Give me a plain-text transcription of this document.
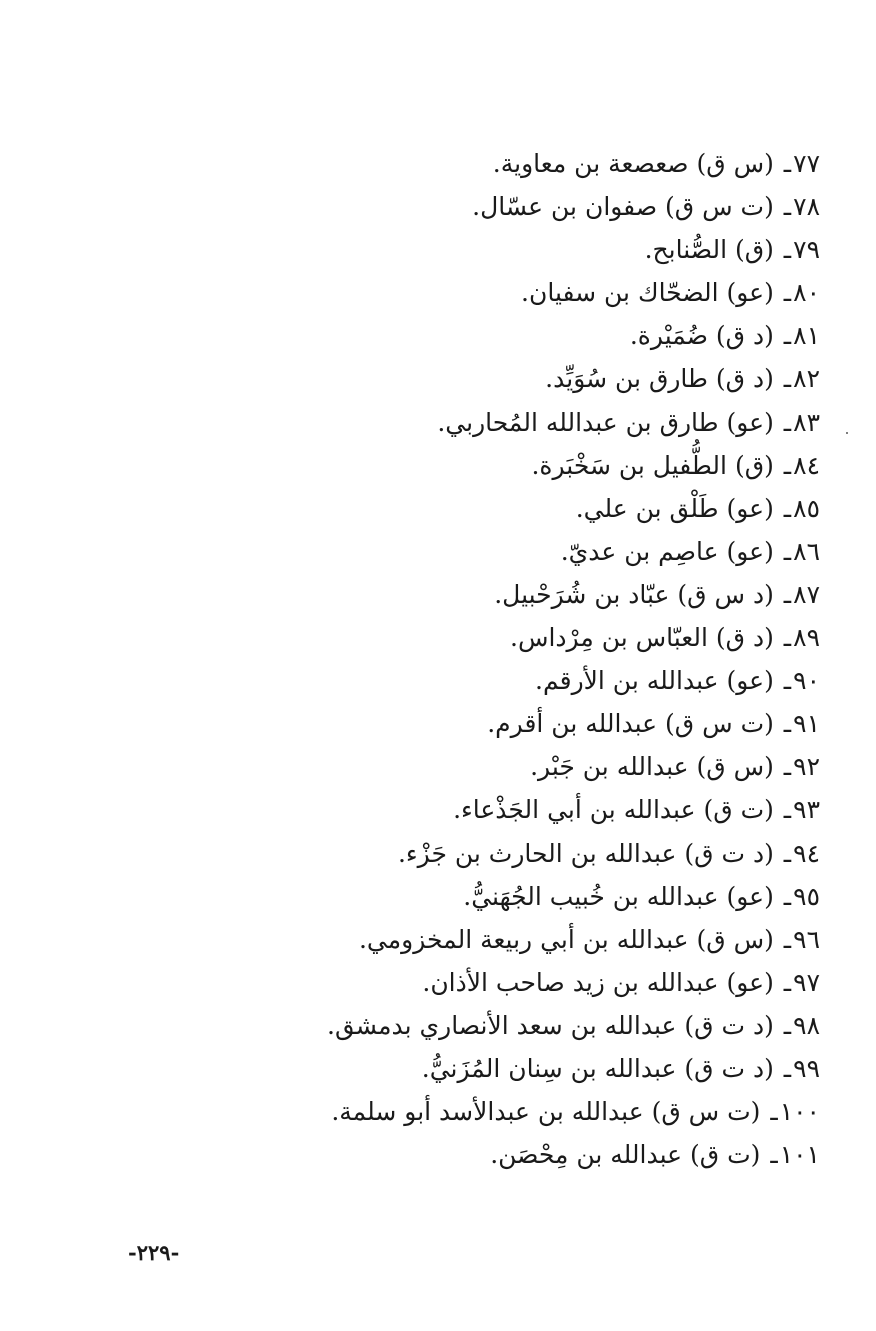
٧٧ـ (س ق) صعصعة بن معاوية.
٧٨ـ (ت س ق) صفوان بن عسّال.
٧٩ـ (ق) الصُّنابح.
٨٠ـ (عو) الضحّاك بن سفيان.
٨١ـ (د ق) ضُمَيْرة.
٨٢ـ (د ق) طارق بن سُوَيِّد.
٨٣ـ (عو) طارق بن عبدالله المُحاربي.
٨٤ـ (ق) الطُّفيل بن سَخْبَرة.
٨٥ـ (عو) طَلْق بن علي.
٨٦ـ (عو) عاصِم بن عديّ.
٨٧ـ (د س ق) عبّاد بن شُرَحْبيل.
٨٩ـ (د ق) العبّاس بن مِرْداس.
٩٠ـ (عو) عبدالله بن الأرقم.
٩١ـ (ت س ق) عبدالله بن أقرم.
٩٢ـ (س ق) عبدالله بن جَبْر.
٩٣ـ (ت ق) عبدالله بن أبي الجَذْعاء.
٩٤ـ (د ت ق) عبدالله بن الحارث بن جَزْء.
٩٥ـ (عو) عبدالله بن خُبيب الجُهَنيُّ.
٩٦ـ (س ق) عبدالله بن أبي ربيعة المخزومي.
٩٧ـ (عو) عبدالله بن زيد صاحب الأذان.
٩٨ـ (د ت ق) عبدالله بن سعد الأنصاري بدمشق.
٩٩ـ (د ت ق) عبدالله بن سِنان المُزَنيُّ.
١٠٠ـ (ت س ق) عبدالله بن عبدالأسد أبو سلمة.
١٠١ـ (ت ق) عبدالله بن مِحْصَن.
-٢٢٩-
